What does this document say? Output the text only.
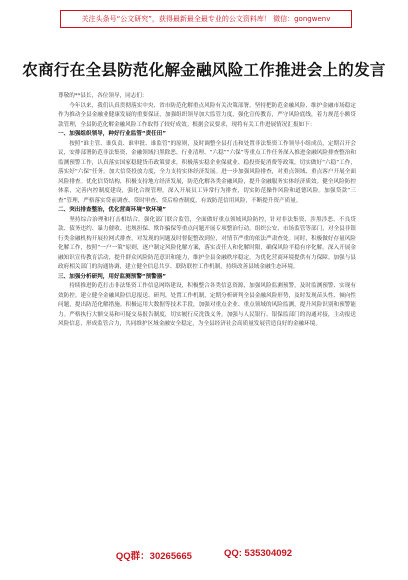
关注头条号“公文研究”，获得最新最全最专业的公文资料库！ 微信：gongwenv
农商行在全县防范化解金融风险工作推进会上的发言

尊敬的**县长，各位领导，同志们：

今年以来，我们认真贯彻落实中央、省市防范化解重点风险有关决策部署，坚持把防范金融风险、维护金融市场稳定作为推动全县金融业健康发展的重要保证，加强组织领导加大监管力度，强化宣传教育，严守风险底线，着力规范小额贷款管理，全县防范化解金融风险工作取得了较好成效。根据会议要求，现将有关工作进展情况汇报如下：

一、加强组织领导，种好行业监管“责任田”

按照“谁主管、谁负责、谁审批、谁监管”的原则，及时调整全县打击和处置非法集资工作领导小组成员，定期召开会议，安排部署防范非法集资、金融领域扫黑除恶、行业清理、“六稳”“六保”等重点工作任务深入推进金融风险排查整治和监测预警工作，认真落实国家稳健货币政策要求，积极落实稳企业保就业、稳投资促消费等政策，切实做好“六稳”工作，落实好“六保”任务。加大信贷投放力度，全力支持实体经济发展。进一步加强风险排查，对重点领域、重点客户开展全面风险排查。优化信贷结构，积极支持地方经济发展，防范化解各类金融风险，提升金融服务实体经济质效。健全风险防控体系，完善内控制度建设，强化合规管理，深入开展员工异常行为排查，切实防范操作风险和道德风险。加强贷款“三查”管理，严格落实贷前调查、贷时审查、贷后检查制度，有效防范信用风险，不断提升资产质量。

二、突出排查整治，优化营商环境“软环境”

坚持综合治理和打击相结合，强化部门联合监管，全面做好重点领域风险防控，针对非法集资、涉黑涉恶、不良贷款、债务违约、暴力催收、违规担保、欺诈骗保等重点问题开展专项整治行动。组织公安、市场监管等部门，对全县非银行类金融机构开展拉网式排查，对发现的问题及时督促整改到位，对情节严重的依法严肃查处。同时，积极做好存量风险化解工作，按照“一户一策”原则，逐户制定风险化解方案，落实责任人和化解时限，确保风险平稳有序化解。深入开展金融知识宣传教育活动，提升群众风险防范意识和能力，维护全县金融秩序稳定，为优化营商环境提供有力保障。加强与县政府相关部门的沟通协调，建立健全信息共享、联防联控工作机制，持续改善县域金融生态环境。

三、加强分析研判，用好监测预警“预警器”

持续推进防范打击非法集资工作信息网络建设，积极整合各类信息资源，加强风险监测预警，及时监测预警、实现有效防控。建立健全金融风险信息报送、研判、处置工作机制，定期分析研判全县金融风险形势，及时发现苗头性、倾向性问题，提出防范化解措施。积极运用大数据等技术手段，加强对重点企业、重点领域的风险监测，提升风险识别和预警能力。严格执行大额交易和可疑交易报告制度，切实履行反洗钱义务。加强与人民银行、银保监部门的沟通对接，主动报送风险信息，形成监管合力，共同维护区域金融安全稳定，为全县经济社会高质量发展营造良好的金融环境。

QQ群：30265665	QQ: 535304092
